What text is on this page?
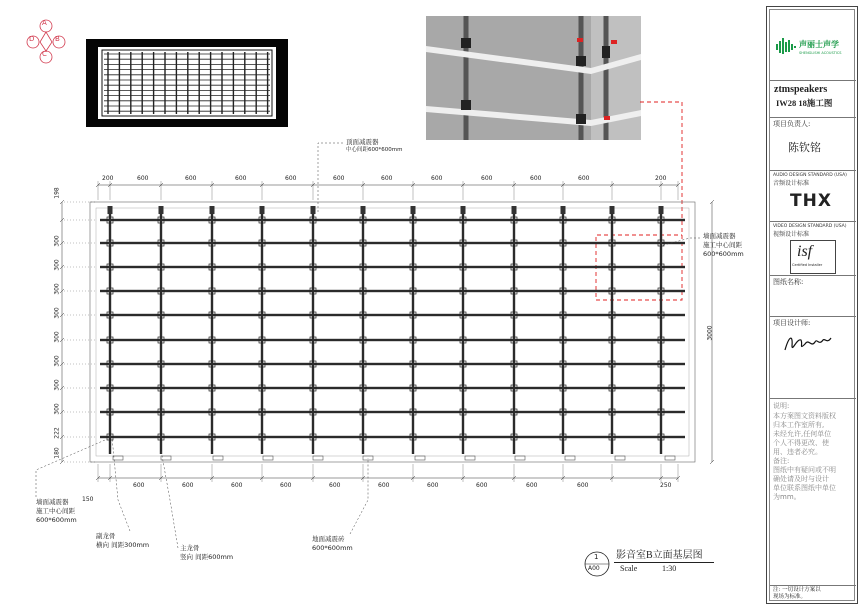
A
D	B
C
200	600	600	600	600	600	600	600	600	600	600	200
150
600	600	600	600	600	600	600	600	600	600	250
198
300
300
300
300
300
300
300
300
222
180
3000
顶面减震器
中心间距600*600mm
墙面减震器
施工中心间距
600*600mm
墙面减震器
施工中心间距
600*600mm
副龙骨
横向 间距300mm	主龙骨
竖向 间距600mm
地面减震砖
600*600mm
1
A00
影音室B立面基层图
Scale	1:30
声丽士声学
SHENGLISHI ACOUSTICS
ztmspeakers
IW28 18施工图
项目负责人:
陈钦铭
AUDIO DESIGN STANDARD (USA)
音频设计标准
THX
VIDEO DESIGN STANDARD (USA)
视频设计标准
isf
Certified Installer
图纸名称:
项目设计师:
说明:
本方案图文资料版权
归本工作室所有,
未经允许,任何单位
个人不得更改、使
用、违者必究。
备注:
图纸中有疑问或不明
确处请及时与设计
单位联系图纸中单位
为mm。
注: 一切设计方案以
现场为标准。
